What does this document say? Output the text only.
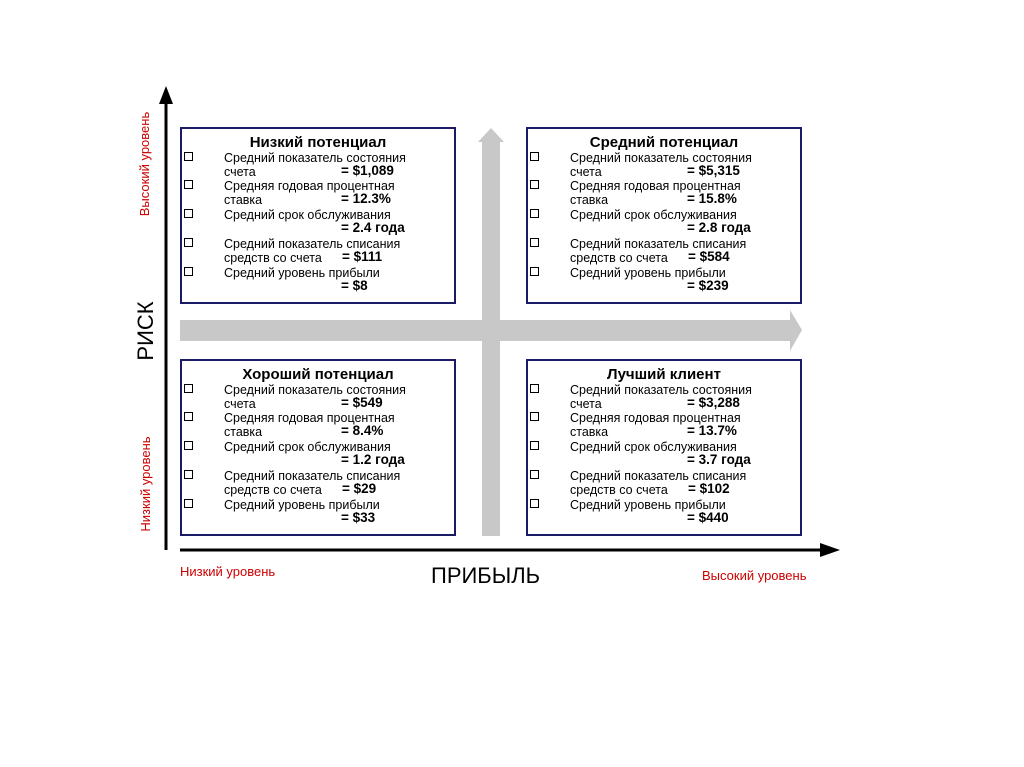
Высокий уровень
РИСК
Низкий уровень
Низкий уровень	ПРИБЫЛЬ	Высокий уровень
Низкий потенциал
Средний показатель состояния
счета	= $1,089
Средняя годовая процентная
ставка	= 12.3%
Средний срок обслуживания
= 2.4 года
Средний показатель списания
средств со счета = $111
Средний уровень прибыли
= $8
Средний потенциал
Средний показатель состояния
счета	= $5,315
Средняя годовая процентная
ставка	= 15.8%
Средний срок обслуживания
= 2.8 года
Средний показатель списания
средств со счета = $584
Средний уровень прибыли
= $239
Хороший потенциал
Средний показатель состояния
счета	= $549
Средняя годовая процентная
ставка	= 8.4%
Средний срок обслуживания
= 1.2 года
Средний показатель списания
средств со счета = $29
Средний уровень прибыли
= $33
Лучший клиент
Средний показатель состояния
счета	= $3,288
Средняя годовая процентная
ставка	= 13.7%
Средний срок обслуживания
= 3.7 года
Средний показатель списания
средств со счета = $102
Средний уровень прибыли
= $440
